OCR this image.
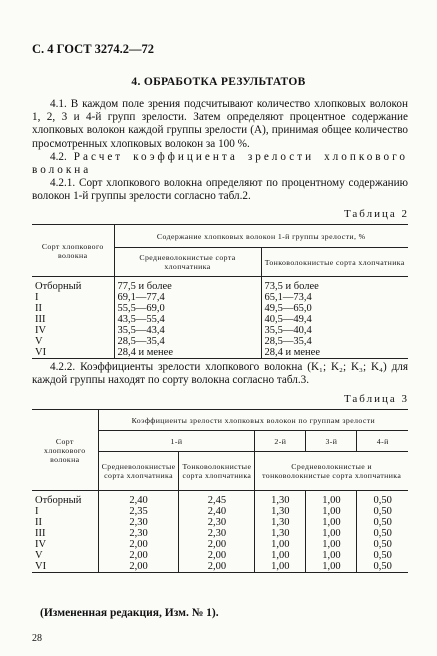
С. 4 ГОСТ 3274.2—72
4. ОБРАБОТКА РЕЗУЛЬТАТОВ
4.1. В каждом поле зрения подсчитывают количество хлопковых волокон 1, 2, 3 и 4-й групп зрелости. Затем определяют процентное содержание хлопковых волокон каждой группы зрелости (А), принимая общее количество просмотренных хлопковых волокон за 100 %.
4.2. Расчет коэффициента зрелости хлопкового волокна
4.2.1. Сорт хлопкового волокна определяют по процентному содержанию волокон 1-й группы зрелости согласно табл.2.
Таблица 2
Сорт хлопкового волокна	Содержание хлопковых волокон 1-й группы зрелости, %	
	Средневолокнистые сорта хлопчатника	Тонковолокнистые сорта хлопчатника
Отборный	77,5 и более	73,5 и более
I	69,1—77,4	65,1—73,4
II	55,5—69,0	49,5—65,0
III	43,5—55,4	40,5—49,4
IV	35,5—43,4	35,5—40,4
V	28,5—35,4	28,5—35,4
VI	28,4 и менее	28,4 и менее
4.2.2. Коэффициенты зрелости хлопкового волокна (K₁; K₂; K₃; K₄) для каждой группы находят по сорту волокна согласно табл.3.
Таблица 3
Сорт хлопкового волокна	Коэффициенты зрелости хлопковых волокон по группам зрелости				
	1-й		2-й	3-й	4-й
	Средневолокнистые сорта хлопчатника	Тонковолокнистые сорта хлопчатника	Средневолокнистые и тонковолокнистые сорта хлопчатника		
Отборный	2,40	2,45	1,30	1,00	0,50
I	2,35	2,40	1,30	1,00	0,50
II	2,30	2,30	1,30	1,00	0,50
III	2,30	2,30	1,30	1,00	0,50
IV	2,00	2,00	1,00	1,00	0,50
V	2,00	2,00	1,00	1,00	0,50
VI	2,00	2,00	1,00	1,00	0,50
(Измененная редакция, Изм. № 1).
28
